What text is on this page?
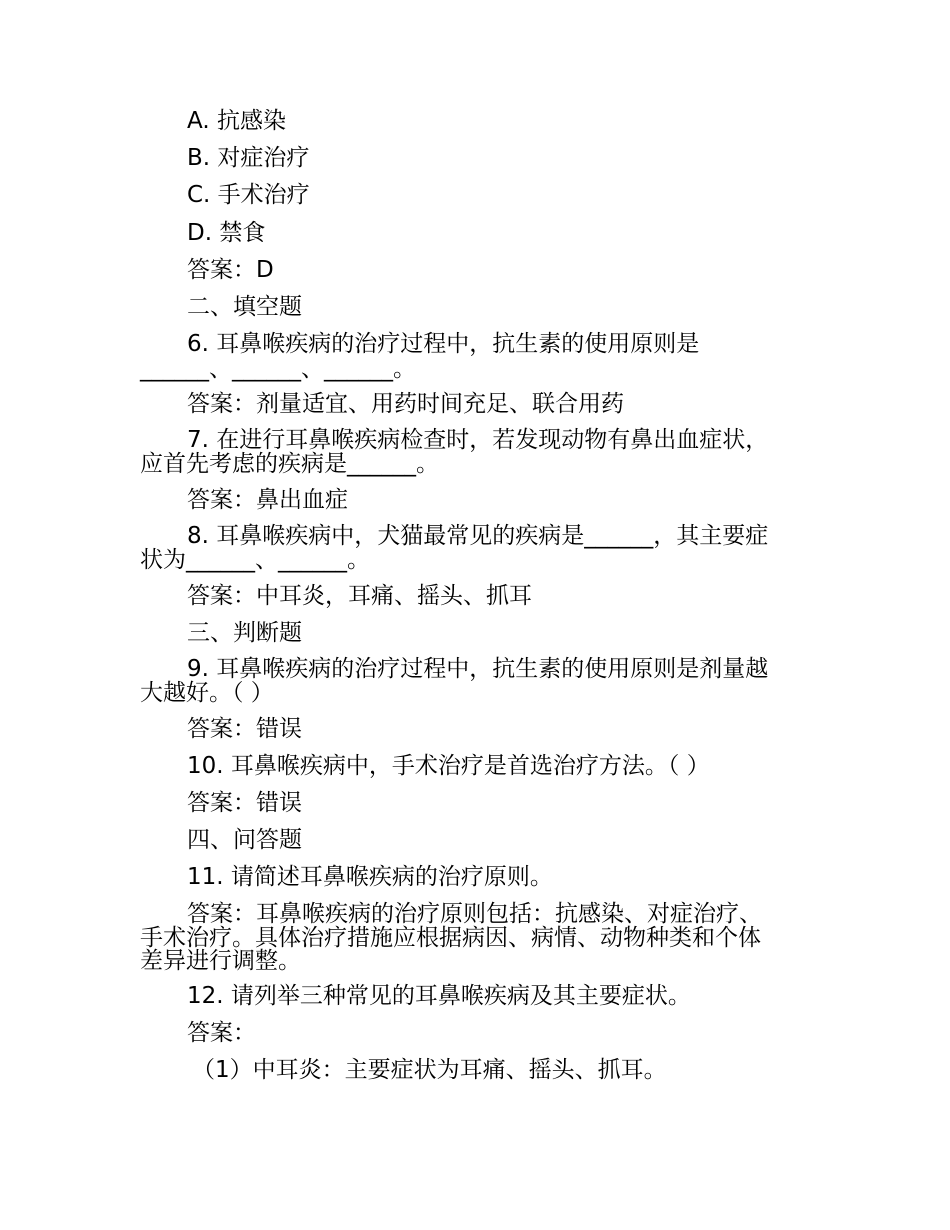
A. 抗感染
B. 对症治疗
C. 手术治疗
D. 禁食
答案：D
二、填空题
6. 耳鼻喉疾病的治疗过程中，抗生素的使用原则是
______、______、______。
答案：剂量适宜、用药时间充足、联合用药
7. 在进行耳鼻喉疾病检查时，若发现动物有鼻出血症状，
应首先考虑的疾病是______。
答案：鼻出血症
8. 耳鼻喉疾病中，犬猫最常见的疾病是______，其主要症
状为______、______。
答案：中耳炎，耳痛、摇头、抓耳
三、判断题
9. 耳鼻喉疾病的治疗过程中，抗生素的使用原则是剂量越
大越好。（ ）
答案：错误
10. 耳鼻喉疾病中，手术治疗是首选治疗方法。（ ）
答案：错误
四、问答题
11. 请简述耳鼻喉疾病的治疗原则。
答案：耳鼻喉疾病的治疗原则包括：抗感染、对症治疗、
手术治疗。具体治疗措施应根据病因、病情、动物种类和个体
差异进行调整。
12. 请列举三种常见的耳鼻喉疾病及其主要症状。
答案：
（1）中耳炎：主要症状为耳痛、摇头、抓耳。
